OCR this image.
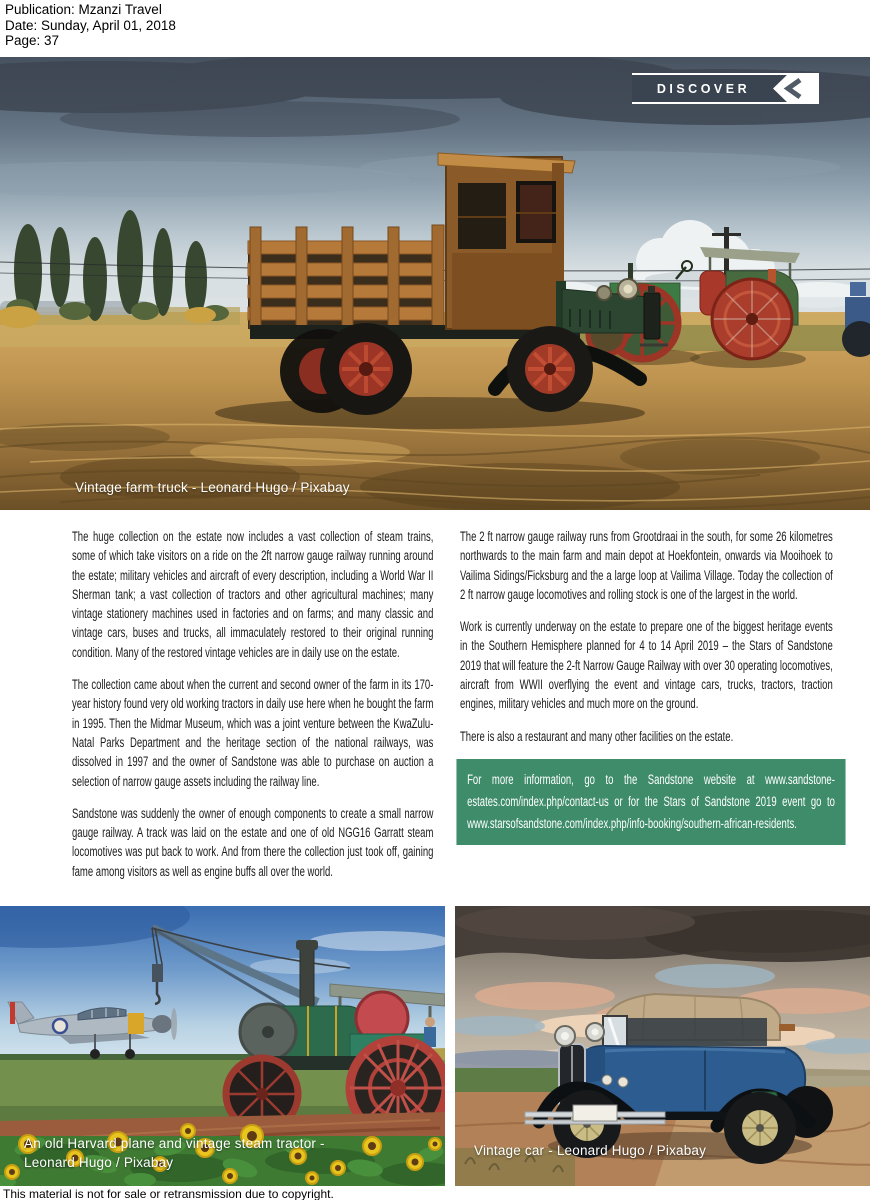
Publication: Mzanzi Travel
Date: Sunday, April 01, 2018
Page: 37
DISCOVER
Vintage farm truck - Leonard Hugo / Pixabay

The huge collection on the estate now includes a vast collection of steam trains, some of which take visitors on a ride on the 2ft narrow gauge railway running around the estate; military vehicles and aircraft of every description, including a World War II Sherman tank; a vast collection of tractors and other agricultural machines; many vintage stationery machines used in factories and on farms; and many classic and vintage cars, buses and trucks, all immaculately restored to their original running condition. Many of the restored vintage vehicles are in daily use on the estate.

The collection came about when the current and second owner of the farm in its 170-year history found very old working tractors in daily use here when he bought the farm in 1995. Then the Midmar Museum, which was a joint venture between the KwaZulu-Natal Parks Department and the heritage section of the national railways, was dissolved in 1997 and the owner of Sandstone was able to purchase on auction a selection of narrow gauge assets including the railway line.

Sandstone was suddenly the owner of enough components to create a small narrow gauge railway. A track was laid on the estate and one of old NGG16 Garratt steam locomotives was put back to work. And from there the collection just took off, gaining fame among visitors as well as engine buffs all over the world.

The 2 ft narrow gauge railway runs from Grootdraai in the south, for some 26 kilometres northwards to the main farm and main depot at Hoekfontein, onwards via Mooihoek to Vailima Sidings/Ficksburg and the a large loop at Vailima Village. Today the collection of 2 ft narrow gauge locomotives and rolling stock is one of the largest in the world.

Work is currently underway on the estate to prepare one of the biggest heritage events in the Southern Hemisphere planned for 4 to 14 April 2019 – the Stars of Sandstone 2019 that will feature the 2-ft Narrow Gauge Railway with over 30 operating locomotives, aircraft from WWII overflying the event and vintage cars, trucks, tractors, traction engines, military vehicles and much more on the ground.

There is also a restaurant and many other facilities on the estate.

For more information, go to the Sandstone website at www.sandstone-estates.com/index.php/contact-us or for the Stars of Sandstone 2019 event go to www.starsofsandstone.com/index.php/info-booking/southern-african-residents.
An old Harvard plane and vintage steam tractor - Leonard Hugo / Pixabay
Vintage car - Leonard Hugo / Pixabay
This material is not for sale or retransmission due to copyright.
